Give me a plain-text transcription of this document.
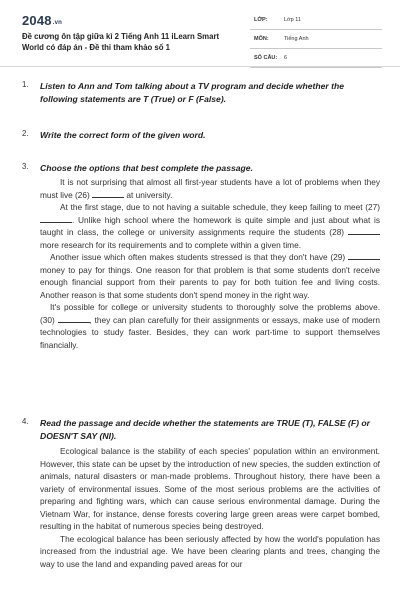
2048.vn
Đề cương ôn tập giữa kì 2 Tiếng Anh 11 iLearn Smart World có đáp án - Đề thi tham khảo số 1
LỚP:	Lớp 11
MÔN:	Tiếng Anh
SỐ CÂU: 6
1. Listen to Ann and Tom talking about a TV program and decide whether the following statements are T (True) or F (False).
2. Write the correct form of the given word.
3. Choose the options that best complete the passage.

It is not surprising that almost all first-year students have a lot of problems when they must live (26)	at university.

At the first stage, due to not having a suitable schedule, they keep failing to meet (27) . Unlike high school where the homework is quite simple and just about what is taught in class, the college or university assignments require the students (28)  more research for its requirements and to complete within a given time.

Another issue which often makes students stressed is that they don't have (29)  money to pay for things. One reason for that problem is that some students don't receive enough financial support from their parents to pay for both tuition fee and living costs. Another reason is that some students don't spend money in the right way.

It's possible for college or university students to thoroughly solve the problems above. (30)	, they can plan carefully for their assignments or essays, make use of modern technologies to study faster. Besides, they can work part-time to support themselves financially.

4. Read the passage and decide whether the statements are TRUE (T), FALSE (F) or DOESN'T SAY (NI).

Ecological balance is the stability of each species' population within an environment. However, this state can be upset by the introduction of new species, the sudden extinction of animals, natural disasters or man-made problems. Throughout history, there have been a variety of environmental issues. Some of the most serious problems are the activities of preparing and fighting wars, which can cause serious environmental damage. During the Vietnam War, for instance, dense forests covering large green areas were carpet bombed, resulting in the habitat of numerous species being destroyed.

The ecological balance has been seriously affected by how the world's population has increased from the industrial age. We have been clearing plants and trees, changing the way to use the land and expanding paved areas for our
